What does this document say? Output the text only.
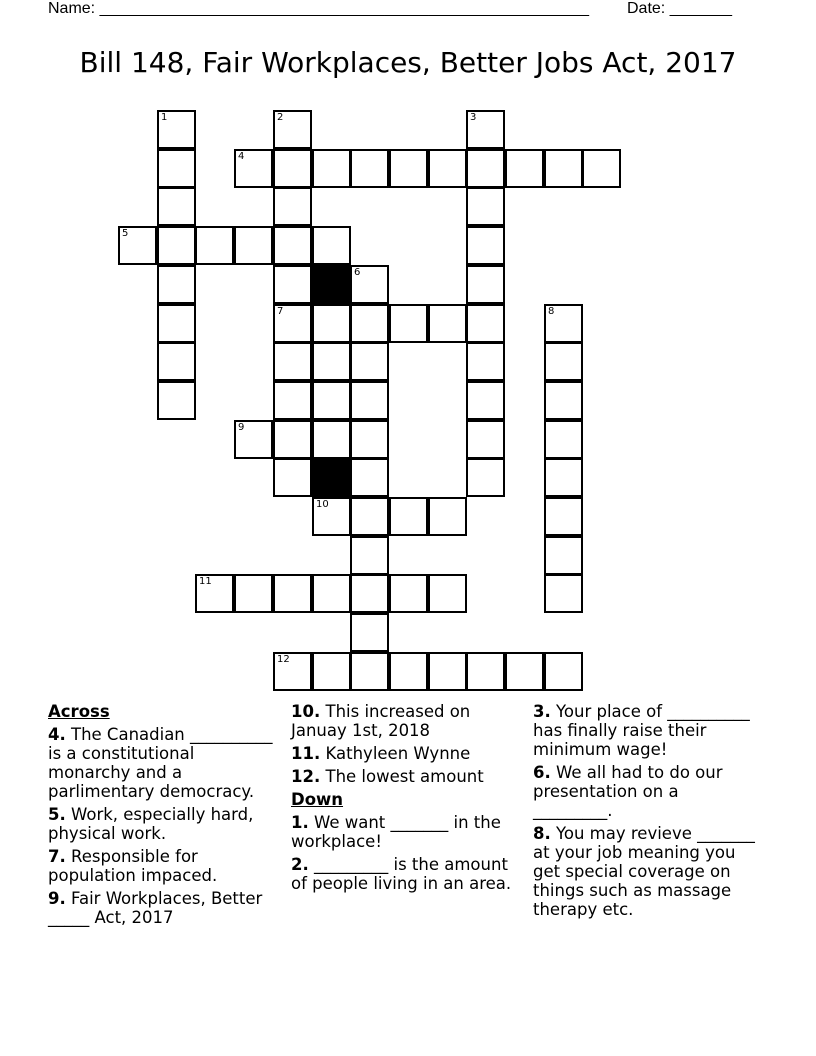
Name: _______________________________________________________ Date: _______
Bill 148, Fair Workplaces, Better Jobs Act, 2017
1	2	3
4
5
6
7	8
9
10
11
12
Across
4. The Canadian __________ is a constitutional monarchy and a parlimentary democracy.
5. Work, especially hard, physical work.
7. Responsible for population impaced.
9. Fair Workplaces, Better _____ Act, 2017
10. This increased on Januay 1st, 2018
11. Kathyleen Wynne
12. The lowest amount
Down
1. We want _______ in the workplace!
2. _________ is the amount of people living in an area.
3. Your place of __________ has finally raise their minimum wage!
6. We all had to do our presentation on a _________.
8. You may revieve _______ at your job meaning you get special coverage on things such as massage therapy etc.
